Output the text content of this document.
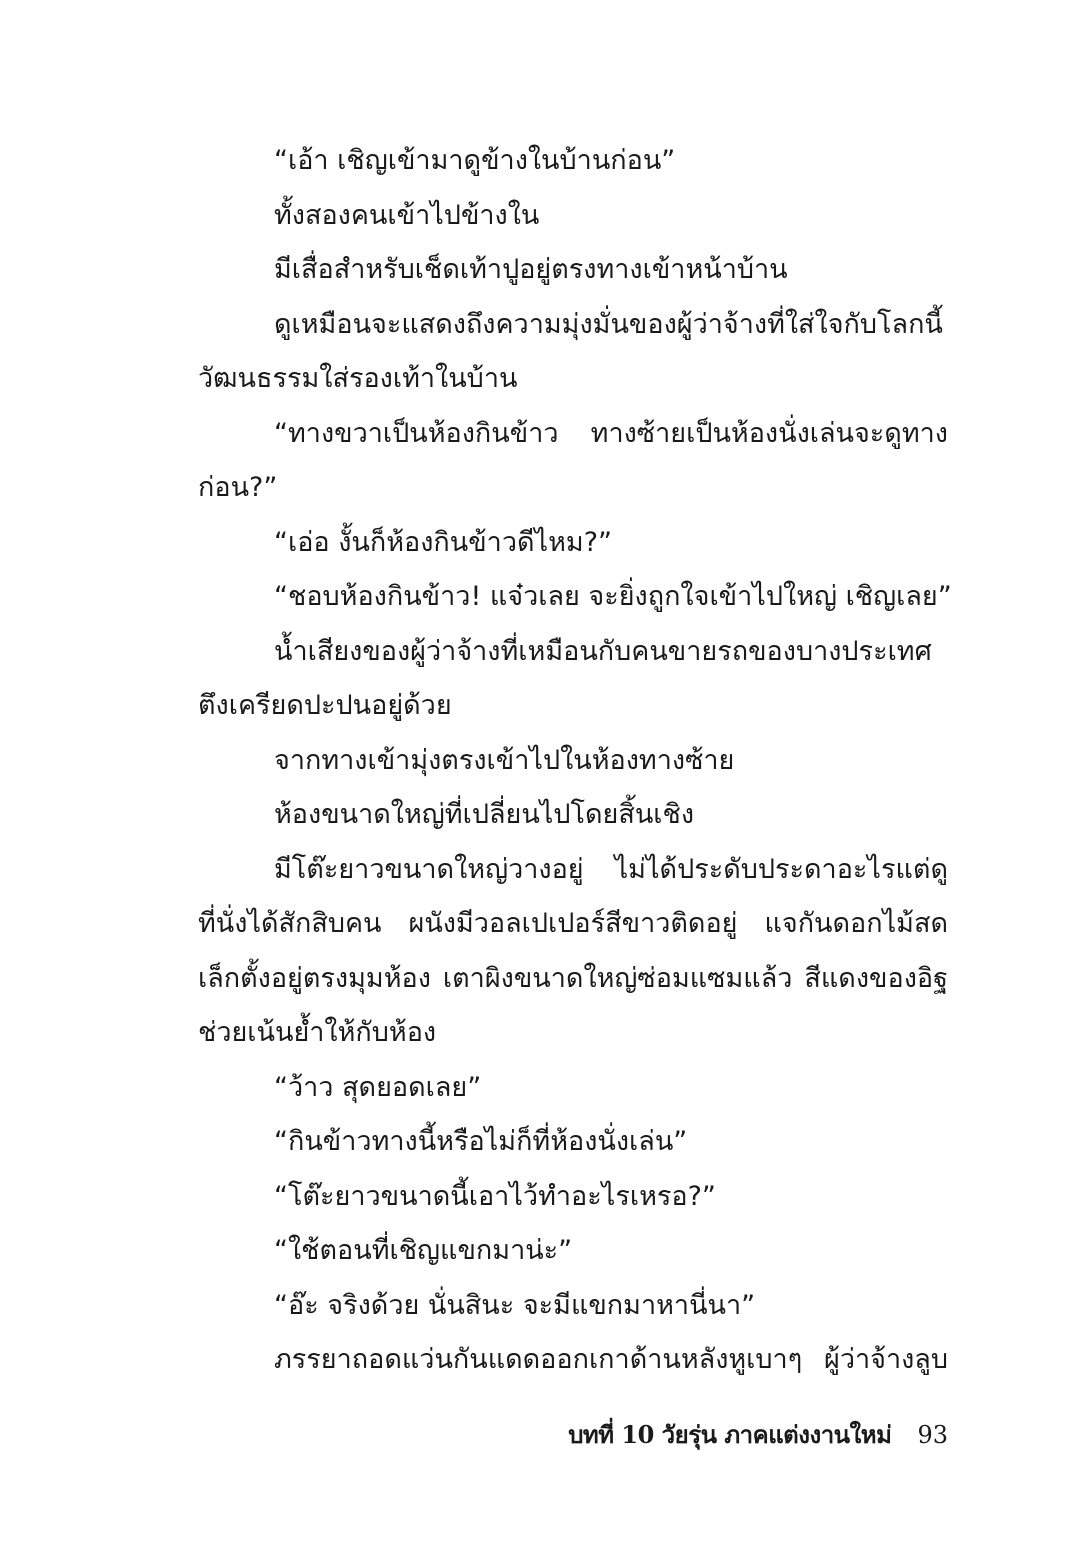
“เอ้า เชิญเข้ามาดูข้างในบ้านก่อน”
ทั้งสองคนเข้าไปข้างใน
มีเสื่อสำหรับเช็ดเท้าปูอยู่ตรงทางเข้าหน้าบ้าน
ดูเหมือนจะแสดงถึงความมุ่งมั่นของผู้ว่าจ้างที่ใส่ใจกับโลกนี้
วัฒนธรรมใส่รองเท้าในบ้าน
“ทางขวาเป็นห้องกินข้าว ทางซ้ายเป็นห้องนั่งเล่นจะดูทาง
ก่อน?”
“เอ่อ งั้นก็ห้องกินข้าวดีไหม?”
“ชอบห้องกินข้าว! แจ๋วเลย จะยิ่งถูกใจเข้าไปใหญ่ เชิญเลย”
น้ำเสียงของผู้ว่าจ้างที่เหมือนกับคนขายรถของบางประเทศ
ตึงเครียดปะปนอยู่ด้วย
จากทางเข้ามุ่งตรงเข้าไปในห้องทางซ้าย
ห้องขนาดใหญ่ที่เปลี่ยนไปโดยสิ้นเชิง
มีโต๊ะยาวขนาดใหญ่วางอยู่ ไม่ได้ประดับประดาอะไรแต่ดู
ที่นั่งได้สักสิบคน ผนังมีวอลเปเปอร์สีขาวติดอยู่ แจกันดอกไม้สด
เล็กตั้งอยู่ตรงมุมห้อง เตาผิงขนาดใหญ่ซ่อมแซมแล้ว สีแดงของอิฐ
ช่วยเน้นย้ำให้กับห้อง
“ว้าว สุดยอดเลย”
“กินข้าวทางนี้หรือไม่ก็ที่ห้องนั่งเล่น”
“โต๊ะยาวขนาดนี้เอาไว้ทำอะไรเหรอ?”
“ใช้ตอนที่เชิญแขกมาน่ะ”
“อ๊ะ จริงด้วย นั่นสินะ จะมีแขกมาหานี่นา”
ภรรยาถอดแว่นกันแดดออกเกาด้านหลังหูเบาๆ ผู้ว่าจ้างลูบ
บทที่ 10 วัยรุ่น ภาคแต่งงานใหม่ 93
